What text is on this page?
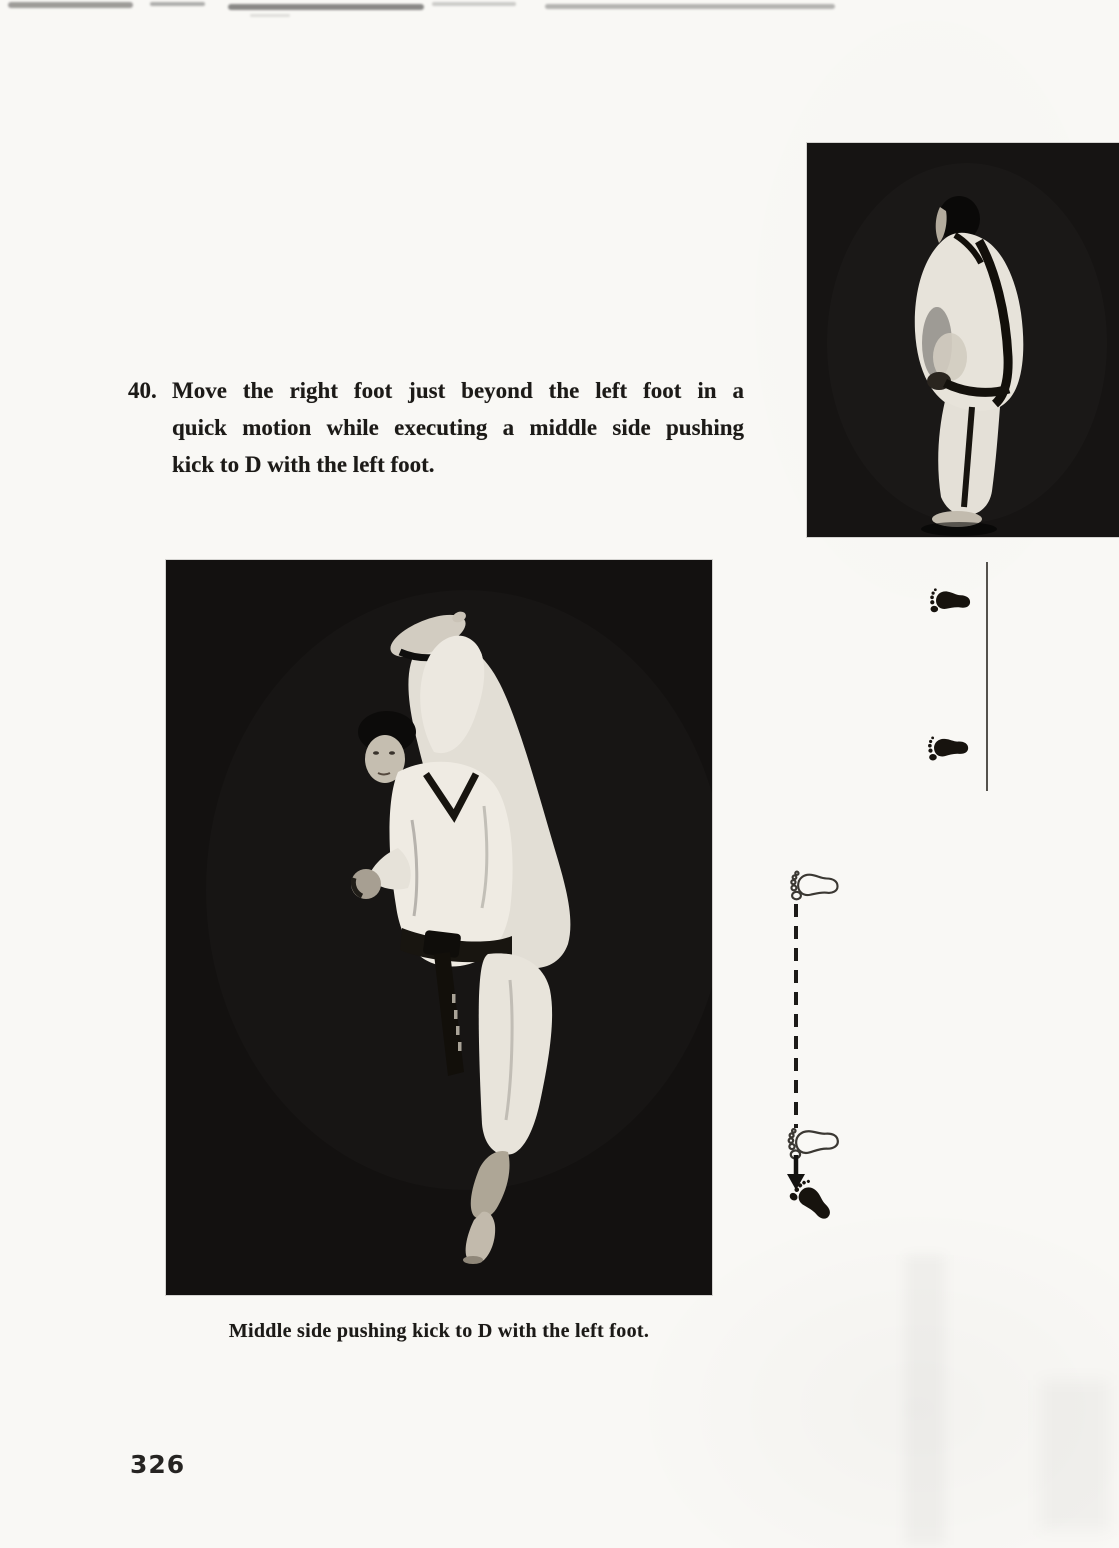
40. Move the right foot just beyond the left foot in a
quick motion while executing a middle side pushing
kick to D with the left foot.
Middle side pushing kick to D with the left foot.
326
